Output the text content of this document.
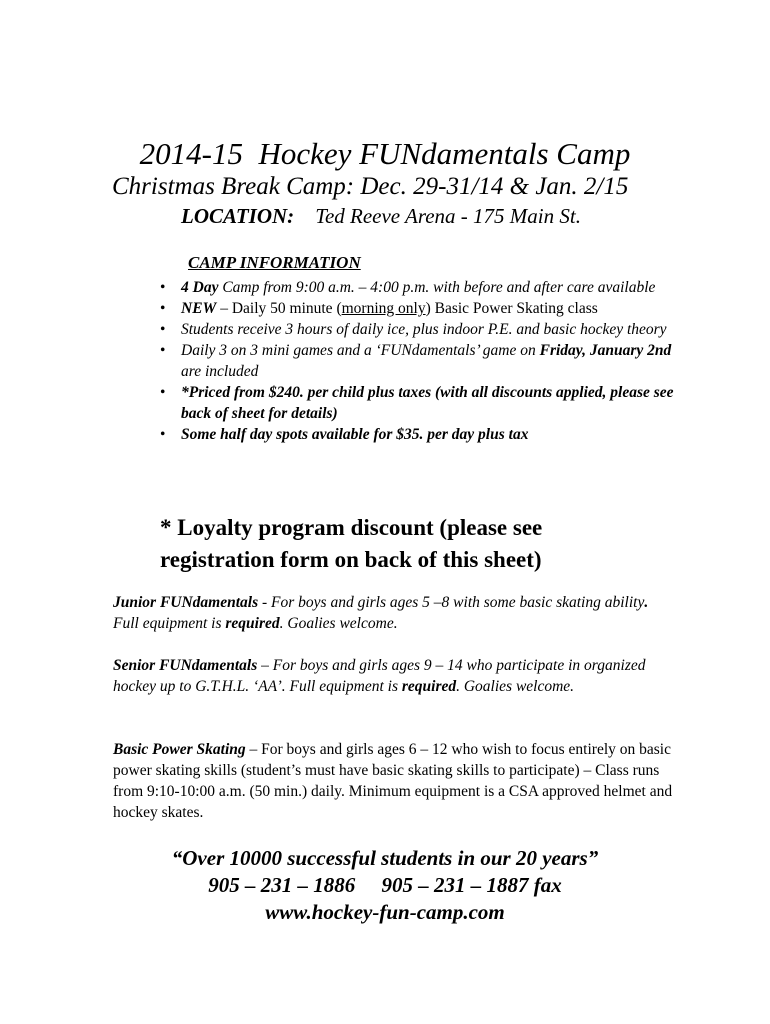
2014-15  Hockey FUNdamentals Camp
Christmas Break Camp: Dec. 29-31/14 & Jan. 2/15
LOCATION: Ted Reeve Arena - 175 Main St.
CAMP INFORMATION
• 4 Day Camp from 9:00 a.m. – 4:00 p.m. with before and after care available
• NEW – Daily 50 minute (morning only) Basic Power Skating class
• Students receive 3 hours of daily ice, plus indoor P.E. and basic hockey theory
• Daily 3 on 3 mini games and a ‘FUNdamentals’ game on Friday, January 2nd are included
• *Priced from $240. per child plus taxes (with all discounts applied, please see back of sheet for details)
• Some half day spots available for $35. per day plus tax
* Loyalty program discount (please see registration form on back of this sheet)
Junior FUNdamentals - For boys and girls ages 5 –8 with some basic skating ability. Full equipment is required. Goalies welcome.
Senior FUNdamentals – For boys and girls ages 9 – 14 who participate in organized hockey up to G.T.H.L. ‘AA’. Full equipment is required. Goalies welcome.
Basic Power Skating – For boys and girls ages 6 – 12 who wish to focus entirely on basic power skating skills (student’s must have basic skating skills to participate) – Class runs from 9:10-10:00 a.m. (50 min.) daily. Minimum equipment is a CSA approved helmet and hockey skates.
“Over 10000 successful students in our 20 years”
905 – 231 – 1886     905 – 231 – 1887 fax
www.hockey-fun-camp.com
